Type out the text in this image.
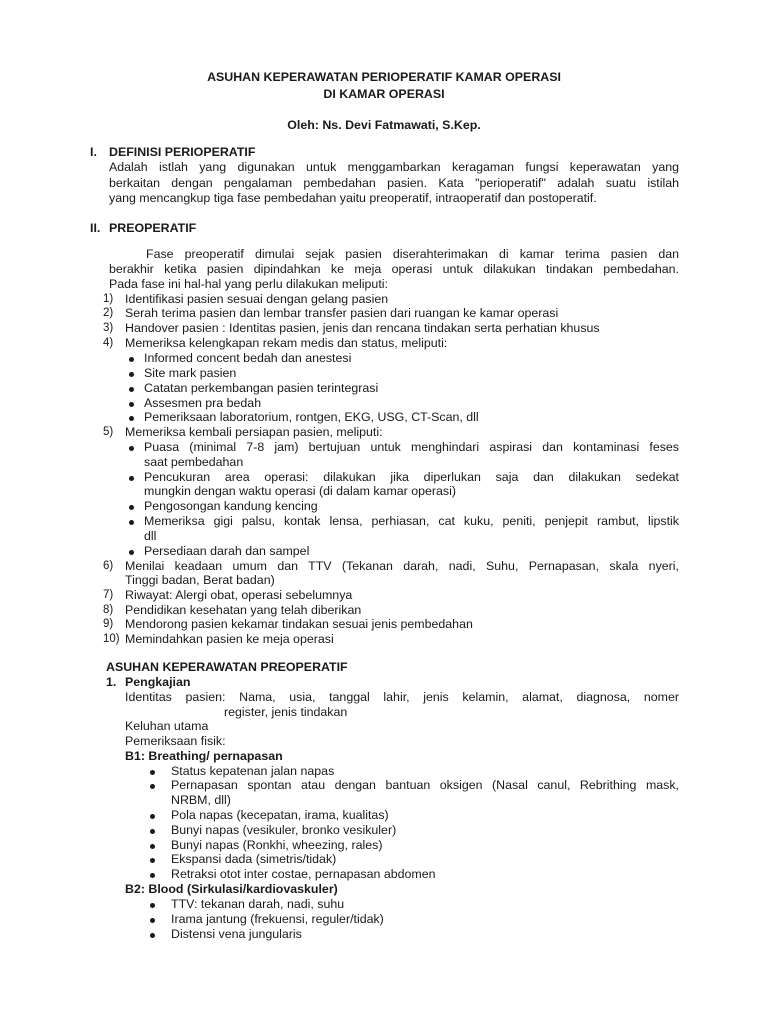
ASUHAN KEPERAWATAN PERIOPERATIF KAMAR OPERASI
DI KAMAR OPERASI
Oleh: Ns. Devi Fatmawati, S.Kep.
I. DEFINISI PERIOPERATIF
Adalah istlah yang digunakan untuk menggambarkan keragaman fungsi keperawatan yang
berkaitan dengan pengalaman pembedahan pasien. Kata "perioperatif" adalah suatu istilah
yang mencangkup tiga fase pembedahan yaitu preoperatif, intraoperatif dan postoperatif.
II. PREOPERATIF
Fase preoperatif dimulai sejak pasien diserahterimakan di kamar terima pasien dan
berakhir ketika pasien dipindahkan ke meja operasi untuk dilakukan tindakan pembedahan.
Pada fase ini hal-hal yang perlu dilakukan meliputi:
1) Identifikasi pasien sesuai dengan gelang pasien
2) Serah terima pasien dan lembar transfer pasien dari ruangan ke kamar operasi
3) Handover pasien : Identitas pasien, jenis dan rencana tindakan serta perhatian khusus
4) Memeriksa kelengkapan rekam medis dan status, meliputi:
Informed concent bedah dan anestesi
Site mark pasien
Catatan perkembangan pasien terintegrasi
Assesmen pra bedah
Pemeriksaan laboratorium, rontgen, EKG, USG, CT-Scan, dll
5) Memeriksa kembali persiapan pasien, meliputi:
Puasa (minimal 7-8 jam) bertujuan untuk menghindari aspirasi dan kontaminasi feses
saat pembedahan
Pencukuran area operasi: dilakukan jika diperlukan saja dan dilakukan sedekat
mungkin dengan waktu operasi (di dalam kamar operasi)
Pengosongan kandung kencing
Memeriksa gigi palsu, kontak lensa, perhiasan, cat kuku, peniti, penjepit rambut, lipstik
dll
Persediaan darah dan sampel
6) Menilai keadaan umum dan TTV (Tekanan darah, nadi, Suhu, Pernapasan, skala nyeri,
Tinggi badan, Berat badan)
7) Riwayat: Alergi obat, operasi sebelumnya
8) Pendidikan kesehatan yang telah diberikan
9) Mendorong pasien kekamar tindakan sesuai jenis pembedahan
10) Memindahkan pasien ke meja operasi
ASUHAN KEPERAWATAN PREOPERATIF
1. Pengkajian
Identitas pasien: Nama, usia, tanggal lahir, jenis kelamin, alamat, diagnosa, nomer
register, jenis tindakan
Keluhan utama
Pemeriksaan fisik:
B1: Breathing/ pernapasan
Status kepatenan jalan napas
Pernapasan spontan atau dengan bantuan oksigen (Nasal canul, Rebrithing mask,
NRBM, dll)
Pola napas (kecepatan, irama, kualitas)
Bunyi napas (vesikuler, bronko vesikuler)
Bunyi napas (Ronkhi, wheezing, rales)
Ekspansi dada (simetris/tidak)
Retraksi otot inter costae, pernapasan abdomen
B2: Blood (Sirkulasi/kardiovaskuler)
TTV: tekanan darah, nadi, suhu
Irama jantung (frekuensi, reguler/tidak)
Distensi vena jungularis
